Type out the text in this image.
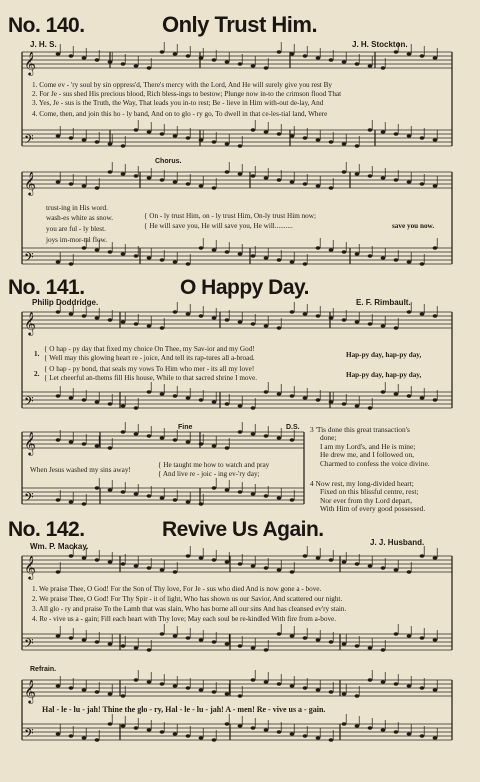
No. 140.	Only Trust Him.
J. H. S.	J. H. Stockton.
𝄞
𝄢
𝄞
𝄢
𝄞
𝄢
𝄞
𝄢
𝄞
𝄢
𝄞
𝄢
1. Come ev - 'ry soul by sin oppress'd, There's mercy with the Lord, And He will surely give you rest By
2. For Je - sus shed His precious blood, Rich bless-ings to bestow; Plunge now in-to the crimson flood That
3. Yes, Je - sus is the Truth, the Way, That leads you in-to rest; Be - lieve in Him with-out de-lay, And
4. Come, then, and join this ho - ly band, And on to glo - ry go, To dwell in that ce-les-tial land, Where
Chorus.
trust-ing in His word.
wash-es white as snow.
you are ful - ly blest.
joys im-mor-tal flow.
{ On - ly trust Him, on - ly trust Him, On-ly trust Him now;
{ He will save you, He will save you, He will..........	save you now.
No. 141.	O Happy Day.
Philip Doddridge.	E. F. Rimbault.
1.
{ O hap - py day that fixed my choice On Thee, my Sav-ior and my God!
{ Well may this glowing heart re - joice, And tell its rap-tures all a-broad.
2.
{ O hap - py bond, that seals my vows To Him who mer - its all my love!
{ Let cheerful an-thems fill His house, While to that sacred shrine I move.
Hap-py day, hap-py day,
Hap-py day, hap-py day,
Fine	D.S.
When Jesus washed my sins away!
{ He taught me how to watch and pray
{ And live re - joic - ing ev-'ry day;
3 'Tis done this great transaction's
done;
I am my Lord's, and He is mine;
He drew me, and I followed on,
Charmed to confess the voice divine.
4 Now rest, my long-divided heart;
Fixed on this blissful centre, rest;
Nor ever from thy Lord depart,
With Him of every good possessed.
No. 142.	Revive Us Again.
Wm. P. Mackay.	J. J. Husband.
1. We praise Thee, O God! For the Son of Thy love, For Je - sus who died And is now gone a - bove.
2. We praise Thee, O God! For Thy Spir - it of light, Who has shown us our Savior, And scattered our night.
3. All glo - ry and praise To the Lamb that was slain, Who has borne all our sins And has cleansed ev'ry stain.
4. Re - vive us a - gain; Fill each heart with Thy love; May each soul be re-kindled With fire from a-bove.
Refrain.
Hal - le - lu - jah! Thine the glo - ry, Hal - le - lu - jah! A - men! Re - vive us a - gain.
